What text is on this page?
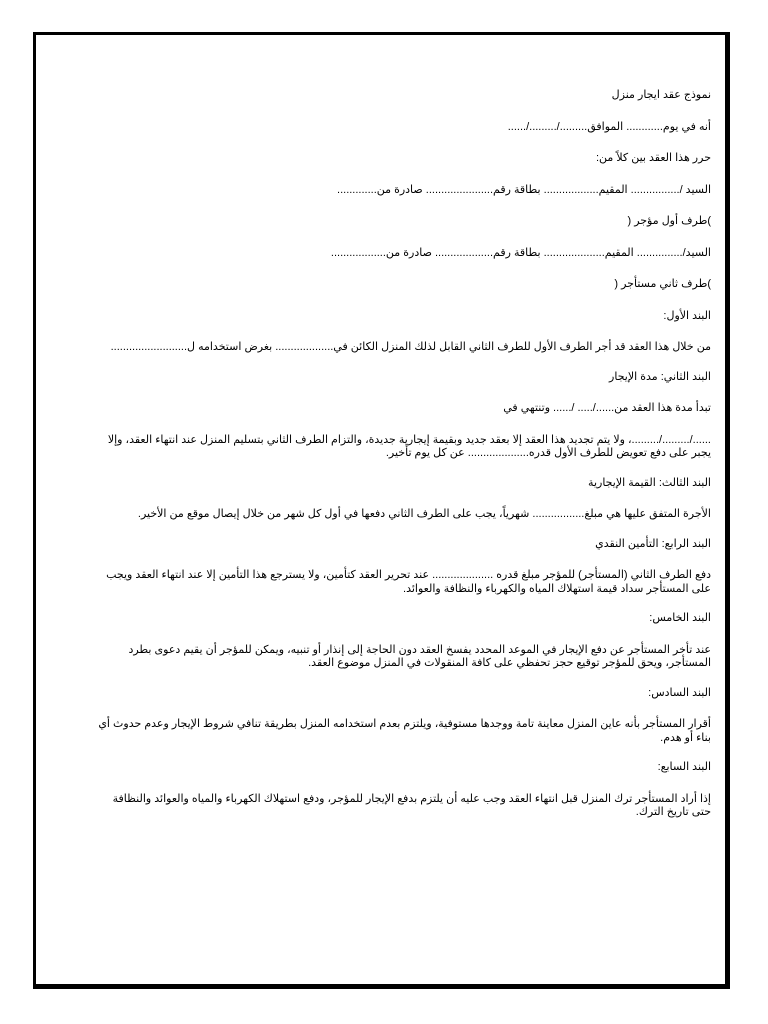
نموذج عقد ايجار منزل

أنه في يوم............ الموافق........./........./......

حرر هذا العقد بين كلاً من:

السيد /................ المقيم.................. بطاقة رقم...................... صادرة من.............

)طرف أول مؤجر (

السيد/............... المقيم.................... بطاقة رقم................... صادرة من..................

)طرف ثاني مستأجر (

البند الأول:

من خلال هذا العقد قد أجر الطرف الأول للطرف الثاني القابل لذلك المنزل الكائن في................... بغرض استخدامه ل.........................

البند الثاني: مدة الإيجار

تبدأ مدة هذا العقد من....../..... /...... وتنتهي في

....../........./.........، ولا يتم تجديد هذا العقد إلا بعقد جديد وبقيمة إيجارية جديدة، والتزام الطرف الثاني بتسليم المنزل عند انتهاء العقد، وإلا يجبر على دفع تعويض للطرف الأول قدره.................... عن كل يوم تأخير.

البند الثالث: القيمة الإيجارية

الأجرة المتفق عليها هي مبلغ................. شهرياً، يجب على الطرف الثاني دفعها في أول كل شهر من خلال إيصال موقع من الأخير.

البند الرابع: التأمين النقدي

دفع الطرف الثاني (المستأجر) للمؤجر مبلغ قدره .................... عند تحرير العقد كتأمين، ولا يسترجع هذا التأمين إلا عند انتهاء العقد ويجب على المستأجر سداد قيمة استهلاك المياه والكهرباء والنظافة والعوائد.

البند الخامس:

عند تأخر المستأجر عن دفع الإيجار في الموعد المحدد يفسخ العقد دون الحاجة إلى إنذار أو تنبيه، ويمكن للمؤجر أن يقيم دعوى بطرد المستأجر، ويحق للمؤجر توقيع حجز تحفظي على كافة المنقولات في المنزل موضوع العقد.

البند السادس:

أقرار المستأجر بأنه عاين المنزل معاينة تامة ووجدها مستوفية، ويلتزم بعدم استخدامه المنزل بطريقة تنافي شروط الإيجار وعدم حدوث أي بناء أو هدم.

البند السابع:

إذا أراد المستأجر ترك المنزل قبل انتهاء العقد وجب عليه أن يلتزم بدفع الإيجار للمؤجر، ودفع استهلاك الكهرباء والمياه والعوائد والنظافة حتى تاريخ الترك.
